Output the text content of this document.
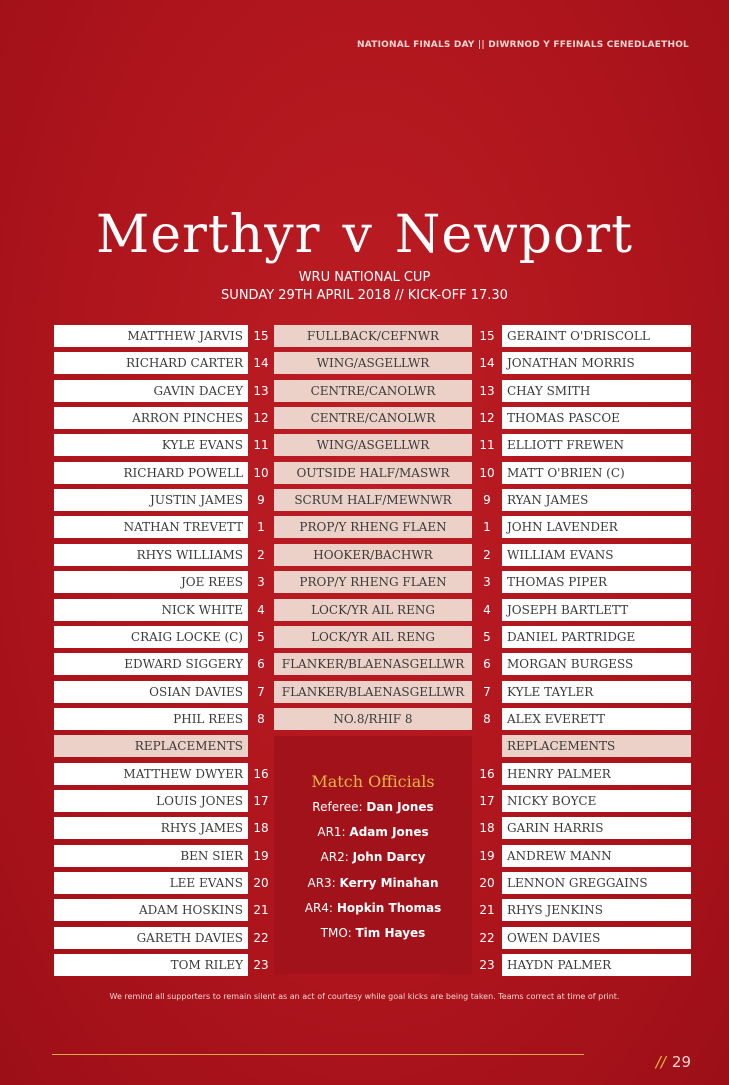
NATIONAL FINALS DAY || DIWRNOD Y FFEINALS CENEDLAETHOL
Merthyr v Newport
WRU NATIONAL CUP
SUNDAY 29TH APRIL 2018 // KICK-OFF 17.30
MATTHEW JARVIS 15	FULLBACK/CEFNWR	15	GERAINT O'DRISCOLL
RICHARD CARTER 14	WING/ASGELLWR	14	JONATHAN MORRIS
GAVIN DACEY 13	CENTRE/CANOLWR	13	CHAY SMITH
ARRON PINCHES 12	CENTRE/CANOLWR	12	THOMAS PASCOE
KYLE EVANS 11	WING/ASGELLWR	11	ELLIOTT FREWEN
RICHARD POWELL 10	OUTSIDE HALF/MASWR	10	MATT O'BRIEN (C)
JUSTIN JAMES	9	SCRUM HALF/MEWNWR	9	RYAN JAMES
NATHAN TREVETT	1	PROP/Y RHENG FLAEN	1	JOHN LAVENDER
RHYS WILLIAMS	2	HOOKER/BACHWR	2	WILLIAM EVANS
JOE REES	3	PROP/Y RHENG FLAEN	3	THOMAS PIPER
NICK WHITE	4	LOCK/YR AIL RENG	4	JOSEPH BARTLETT
CRAIG LOCKE (C)	5	LOCK/YR AIL RENG	5	DANIEL PARTRIDGE
EDWARD SIGGERY	6	FLANKER/BLAENASGELLWR	6	MORGAN BURGESS
OSIAN DAVIES	7	FLANKER/BLAENASGELLWR	7	KYLE TAYLER
PHIL REES	8	NO.8/RHIF 8	8	ALEX EVERETT
REPLACEMENTS	REPLACEMENTS
MATTHEW DWYER 16	16	HENRY PALMER
LOUIS JONES 17	17	NICKY BOYCE
RHYS JAMES 18	18	GARIN HARRIS
BEN SIER 19	19	ANDREW MANN
LEE EVANS 20	20	LENNON GREGGAINS
ADAM HOSKINS 21	21	RHYS JENKINS
GARETH DAVIES 22	22	OWEN DAVIES
TOM RILEY 23	23	HAYDN PALMER
Match Officials
Referee: Dan Jones
AR1: Adam Jones
AR2: John Darcy
AR3: Kerry Minahan
AR4: Hopkin Thomas
TMO: Tim Hayes
We remind all supporters to remain silent as an act of courtesy while goal kicks are being taken. Teams correct at time of print.
// 29
